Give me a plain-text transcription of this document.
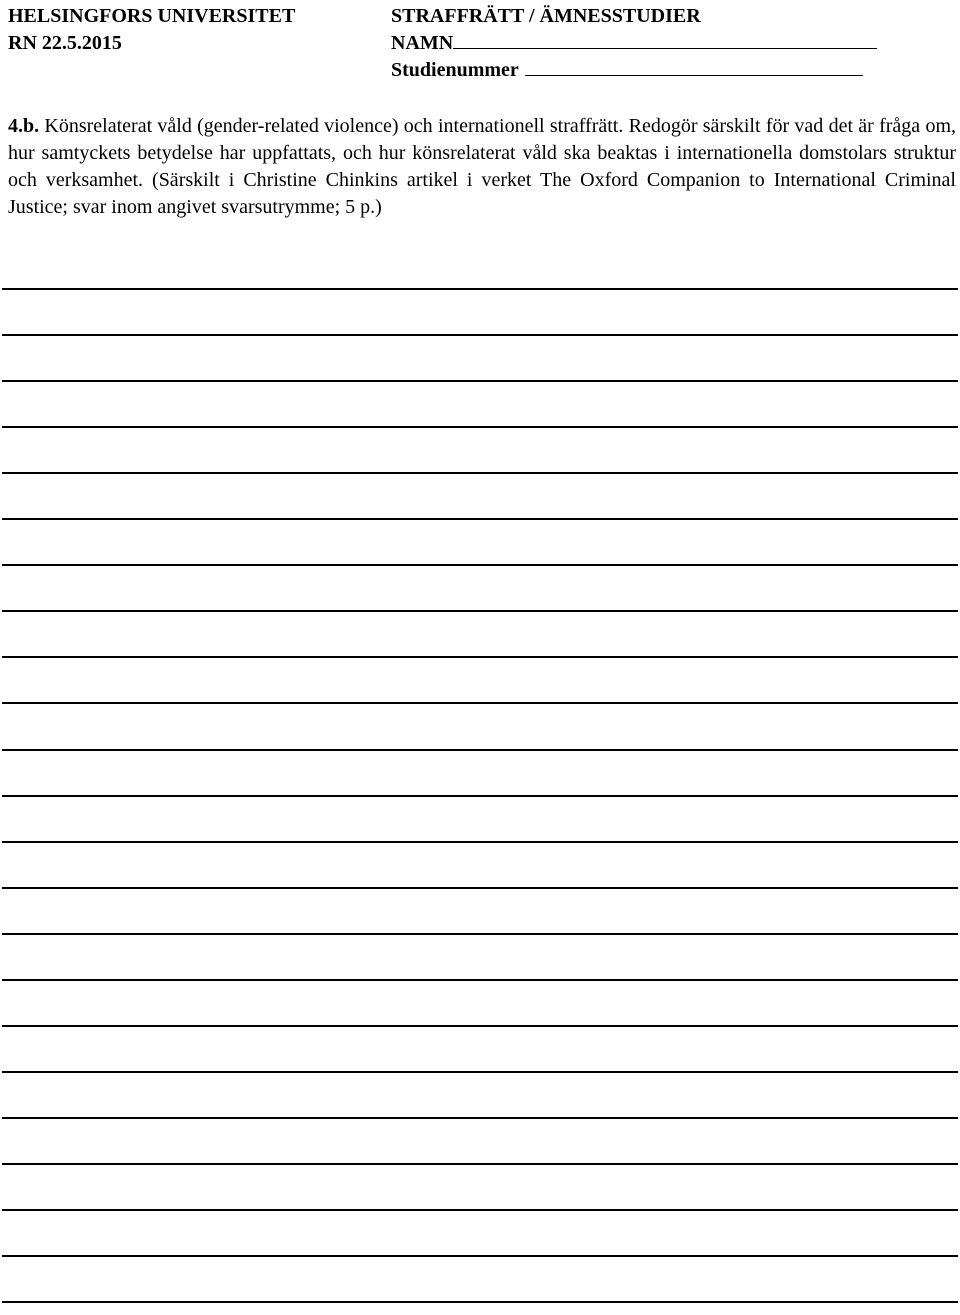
HELSINGFORS UNIVERSITET
RN 22.5.2015
STRAFFRÄTT / ÄMNESSTUDIER
NAMN
Studienummer
4.b. Könsrelaterat våld (gender-related violence) och internationell straffrätt. Redogör särskilt för vad det är fråga om, hur samtyckets betydelse har uppfattats, och hur könsrelaterat våld ska beaktas i internationella domstolars struktur och verksamhet. (Särskilt i Christine Chinkins artikel i verket The Oxford Companion to International Criminal Justice; svar inom angivet svarsutrymme; 5 p.)
